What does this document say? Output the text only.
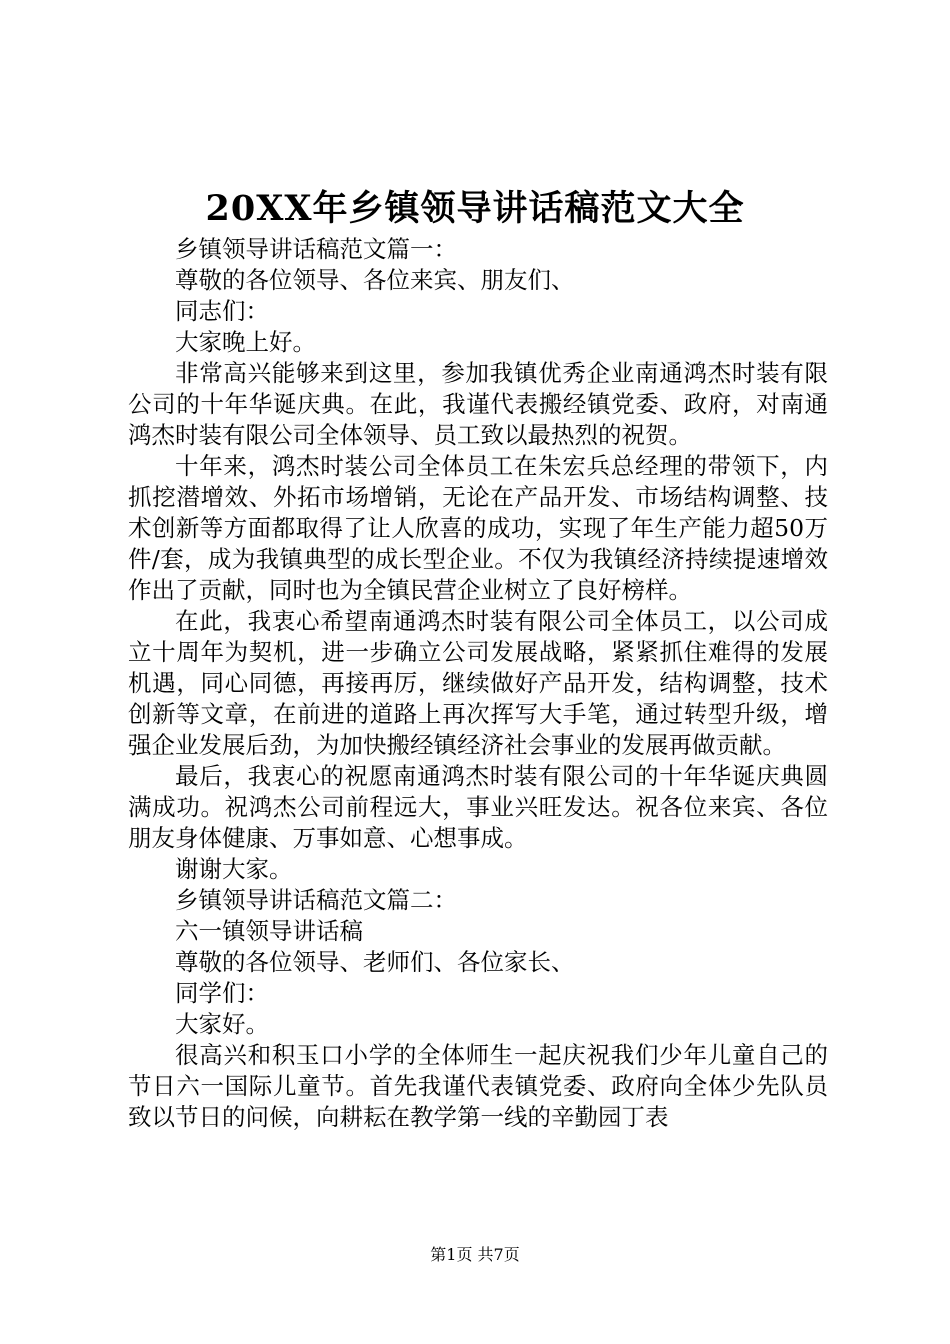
20XX年乡镇领导讲话稿范文大全

乡镇领导讲话稿范文篇一：

尊敬的各位领导、各位来宾、朋友们、

同志们：

大家晚上好。

非常高兴能够来到这里，参加我镇优秀企业南通鸿杰时装有限公司的十年华诞庆典。在此，我谨代表搬经镇党委、政府，对南通鸿杰时装有限公司全体领导、员工致以最热烈的祝贺。

十年来，鸿杰时装公司全体员工在朱宏兵总经理的带领下，内抓挖潜增效、外拓市场增销，无论在产品开发、市场结构调整、技术创新等方面都取得了让人欣喜的成功，实现了年生产能力超50万件/套，成为我镇典型的成长型企业。不仅为我镇经济持续提速增效作出了贡献，同时也为全镇民营企业树立了良好榜样。

在此，我衷心希望南通鸿杰时装有限公司全体员工，以公司成立十周年为契机，进一步确立公司发展战略，紧紧抓住难得的发展机遇，同心同德，再接再厉，继续做好产品开发，结构调整，技术创新等文章，在前进的道路上再次挥写大手笔，通过转型升级，增强企业发展后劲，为加快搬经镇经济社会事业的发展再做贡献。

最后，我衷心的祝愿南通鸿杰时装有限公司的十年华诞庆典圆满成功。祝鸿杰公司前程远大，事业兴旺发达。祝各位来宾、各位朋友身体健康、万事如意、心想事成。

谢谢大家。

乡镇领导讲话稿范文篇二：

六一镇领导讲话稿

尊敬的各位领导、老师们、各位家长、

同学们：

大家好。

很高兴和积玉口小学的全体师生一起庆祝我们少年儿童自己的节日六一国际儿童节。首先我谨代表镇党委、政府向全体少先队员致以节日的问候，向耕耘在教学第一线的辛勤园丁表

第1页 共7页
